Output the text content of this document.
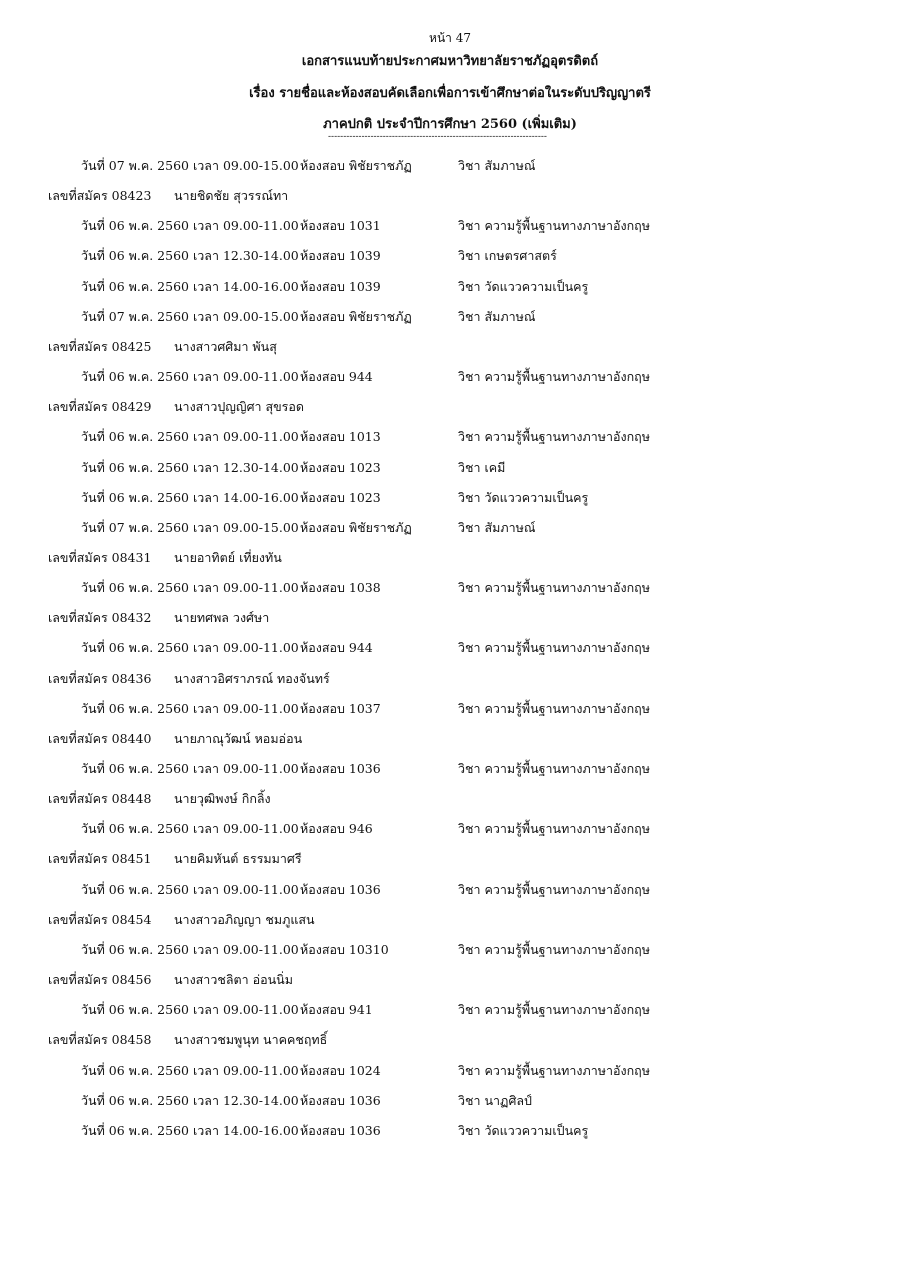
หน้า 47
เอกสารแนบท้ายประกาศมหาวิทยาลัยราชภัฏอุตรดิตถ์
เรื่อง รายชื่อและห้องสอบคัดเลือกเพื่อการเข้าศึกษาต่อในระดับปริญญาตรี
ภาคปกติ ประจำปีการศึกษา 2560 (เพิ่มเติม)
------------------------------------------------------------------------
วันที่ 07 พ.ค. 2560 เวลา 09.00-15.00 ห้องสอบ พิชัยราชภัฏ	วิชา สัมภาษณ์
เลขที่สมัคร 08423 นายชิดชัย สุวรรณ์ทา
วันที่ 06 พ.ค. 2560 เวลา 09.00-11.00 ห้องสอบ 1031	วิชา ความรู้พื้นฐานทางภาษาอังกฤษ
วันที่ 06 พ.ค. 2560 เวลา 12.30-14.00 ห้องสอบ 1039	วิชา เกษตรศาสตร์
วันที่ 06 พ.ค. 2560 เวลา 14.00-16.00 ห้องสอบ 1039	วิชา วัดแววความเป็นครู
วันที่ 07 พ.ค. 2560 เวลา 09.00-15.00 ห้องสอบ พิชัยราชภัฏ	วิชา สัมภาษณ์
เลขที่สมัคร 08425 นางสาวศศิมา พันสุ
วันที่ 06 พ.ค. 2560 เวลา 09.00-11.00 ห้องสอบ 944	วิชา ความรู้พื้นฐานทางภาษาอังกฤษ
เลขที่สมัคร 08429 นางสาวปุญญิศา สุขรอด
วันที่ 06 พ.ค. 2560 เวลา 09.00-11.00 ห้องสอบ 1013	วิชา ความรู้พื้นฐานทางภาษาอังกฤษ
วันที่ 06 พ.ค. 2560 เวลา 12.30-14.00 ห้องสอบ 1023	วิชา เคมี
วันที่ 06 พ.ค. 2560 เวลา 14.00-16.00 ห้องสอบ 1023	วิชา วัดแววความเป็นครู
วันที่ 07 พ.ค. 2560 เวลา 09.00-15.00 ห้องสอบ พิชัยราชภัฏ	วิชา สัมภาษณ์
เลขที่สมัคร 08431 นายอาทิตย์ เที่ยงทัน
วันที่ 06 พ.ค. 2560 เวลา 09.00-11.00 ห้องสอบ 1038	วิชา ความรู้พื้นฐานทางภาษาอังกฤษ
เลขที่สมัคร 08432 นายทศพล วงศ์ษา
วันที่ 06 พ.ค. 2560 เวลา 09.00-11.00 ห้องสอบ 944	วิชา ความรู้พื้นฐานทางภาษาอังกฤษ
เลขที่สมัคร 08436 นางสาวอิศราภรณ์ ทองจันทร์
วันที่ 06 พ.ค. 2560 เวลา 09.00-11.00 ห้องสอบ 1037	วิชา ความรู้พื้นฐานทางภาษาอังกฤษ
เลขที่สมัคร 08440 นายภาณุวัฒน์ หอมอ่อน
วันที่ 06 พ.ค. 2560 เวลา 09.00-11.00 ห้องสอบ 1036	วิชา ความรู้พื้นฐานทางภาษาอังกฤษ
เลขที่สมัคร 08448 นายวุฒิพงษ์ กิกลิ้ง
วันที่ 06 พ.ค. 2560 เวลา 09.00-11.00 ห้องสอบ 946	วิชา ความรู้พื้นฐานทางภาษาอังกฤษ
เลขที่สมัคร 08451 นายคิมหันต์ ธรรมมาศรี
วันที่ 06 พ.ค. 2560 เวลา 09.00-11.00 ห้องสอบ 1036	วิชา ความรู้พื้นฐานทางภาษาอังกฤษ
เลขที่สมัคร 08454 นางสาวอภิญญา ชมภูแสน
วันที่ 06 พ.ค. 2560 เวลา 09.00-11.00 ห้องสอบ 10310	วิชา ความรู้พื้นฐานทางภาษาอังกฤษ
เลขที่สมัคร 08456 นางสาวชลิตา อ่อนนิ่ม
วันที่ 06 พ.ค. 2560 เวลา 09.00-11.00 ห้องสอบ 941	วิชา ความรู้พื้นฐานทางภาษาอังกฤษ
เลขที่สมัคร 08458 นางสาวชมพูนุท นาคคชฤทธิ์
วันที่ 06 พ.ค. 2560 เวลา 09.00-11.00 ห้องสอบ 1024	วิชา ความรู้พื้นฐานทางภาษาอังกฤษ
วันที่ 06 พ.ค. 2560 เวลา 12.30-14.00 ห้องสอบ 1036	วิชา นาฏศิลป์
วันที่ 06 พ.ค. 2560 เวลา 14.00-16.00 ห้องสอบ 1036	วิชา วัดแววความเป็นครู
